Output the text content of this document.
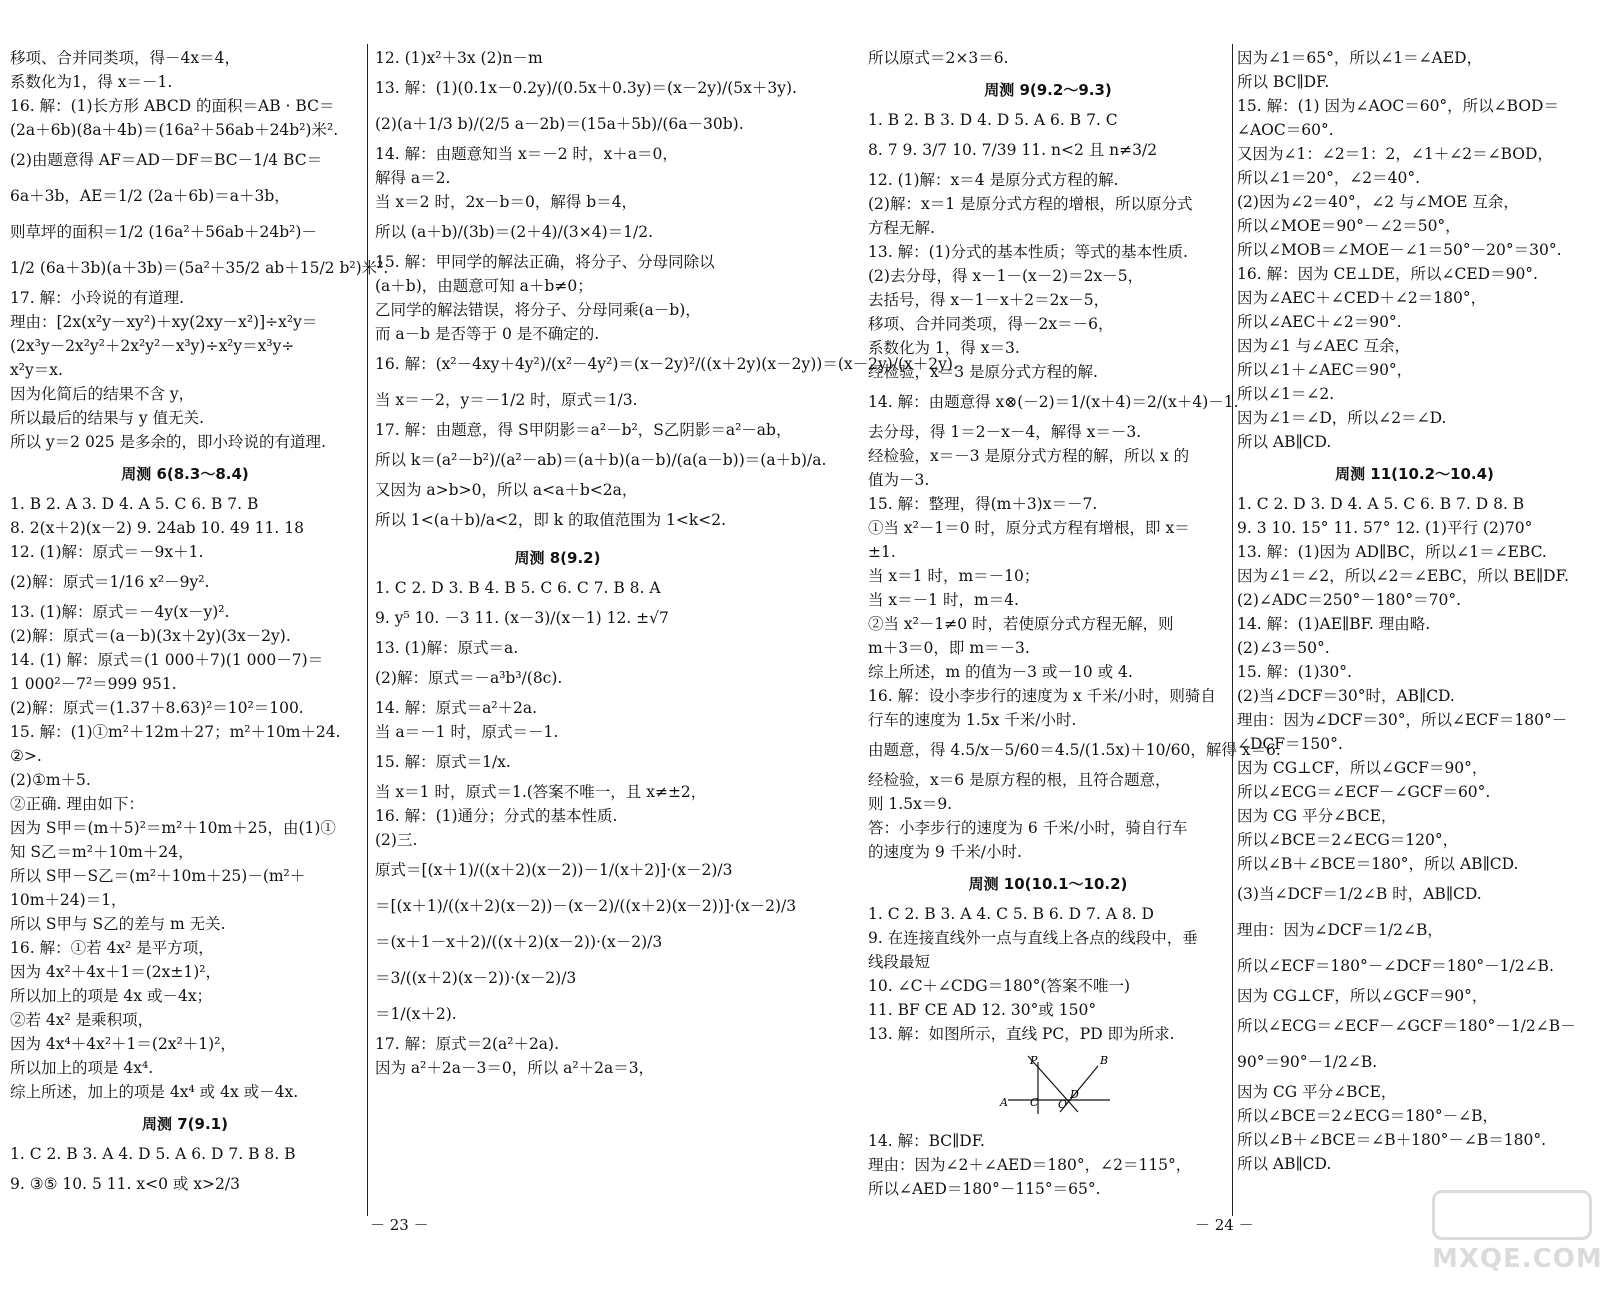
移项、合并同类项，得－4x＝4，
系数化为1，得 x＝－1.
16. 解：(1)长方形 ABCD 的面积＝AB · BC＝
(2a＋6b)(8a＋4b)＝(16a²＋56ab＋24b²)米².
(2)由题意得 AF＝AD－DF＝BC－1/4 BC＝
6a＋3b，AE＝1/2 (2a＋6b)＝a＋3b，
则草坪的面积＝1/2 (16a²＋56ab＋24b²)－
1/2 (6a＋3b)(a＋3b)＝(5a²＋35/2 ab＋15/2 b²)米².
17. 解：小玲说的有道理.
理由：[2x(x²y－xy²)＋xy(2xy－x²)]÷x²y＝
(2x³y－2x²y²＋2x²y²－x³y)÷x²y＝x³y÷
x²y＝x.
因为化简后的结果不含 y，
所以最后的结果与 y 值无关.
所以 y＝2 025 是多余的，即小玲说的有道理.
周测 6(8.3～8.4)
1. B 2. A 3. D 4. A 5. C 6. B 7. B
8. 2(x＋2)(x－2) 9. 24ab 10. 49 11. 18
12. (1)解：原式＝－9x＋1.
(2)解：原式＝1/16 x²－9y².
13. (1)解：原式＝－4y(x－y)².
(2)解：原式＝(a－b)(3x＋2y)(3x－2y).
14. (1) 解：原式＝(1 000＋7)(1 000－7)＝
1 000²－7²＝999 951.
(2)解：原式＝(1.37＋8.63)²＝10²＝100.
15. 解：(1)①m²＋12m＋27；m²＋10m＋24.
②>.
(2)①m＋5.
②正确. 理由如下：
因为 S甲＝(m＋5)²＝m²＋10m＋25，由(1)①
知 S乙＝m²＋10m＋24，
所以 S甲－S乙＝(m²＋10m＋25)－(m²＋
10m＋24)＝1，
所以 S甲与 S乙的差与 m 无关.
16. 解：①若 4x² 是平方项，
因为 4x²＋4x＋1＝(2x±1)²，
所以加上的项是 4x 或－4x；
②若 4x² 是乘积项，
因为 4x⁴＋4x²＋1＝(2x²＋1)²，
所以加上的项是 4x⁴.
综上所述，加上的项是 4x⁴ 或 4x 或－4x.
周测 7(9.1)
1. C 2. B 3. A 4. D 5. A 6. D 7. B 8. B
9. ③⑤ 10. 5 11. x<0 或 x>2/3
12. (1)x²＋3x (2)n－m
13. 解：(1)(0.1x－0.2y)/(0.5x＋0.3y)＝(x－2y)/(5x＋3y).
(2)(a＋1/3 b)/(2/5 a－2b)＝(15a＋5b)/(6a－30b).
14. 解：由题意知当 x＝－2 时，x＋a＝0，
解得 a＝2.
当 x＝2 时，2x－b＝0，解得 b＝4，
所以 (a＋b)/(3b)＝(2＋4)/(3×4)＝1/2.
15. 解：甲同学的解法正确，将分子、分母同除以
(a＋b)，由题意可知 a＋b≠0；
乙同学的解法错误，将分子、分母同乘(a－b)，
而 a－b 是否等于 0 是不确定的.
16. 解：(x²－4xy＋4y²)/(x²－4y²)＝(x－2y)²/((x＋2y)(x－2y))＝(x－2y)/(x＋2y).
当 x＝－2，y＝－1/2 时，原式＝1/3.
17. 解：由题意，得 S甲阴影＝a²－b²，S乙阴影＝a²－ab，
所以 k＝(a²－b²)/(a²－ab)＝(a＋b)(a－b)/(a(a－b))＝(a＋b)/a.
又因为 a>b>0，所以 a<a＋b<2a，
所以 1<(a＋b)/a<2，即 k 的取值范围为 1<k<2.
周测 8(9.2)
1. C 2. D 3. B 4. B 5. C 6. C 7. B 8. A
9. y⁵ 10. －3 11. (x－3)/(x－1) 12. ±√7
13. (1)解：原式＝a.
(2)解：原式＝－a³b³/(8c).
14. 解：原式＝a²＋2a.
当 a＝－1 时，原式＝－1.
15. 解：原式＝1/x.
当 x＝1 时，原式＝1.(答案不唯一，且 x≠±2，
16. 解：(1)通分；分式的基本性质.
(2)三.
原式＝[(x＋1)/((x＋2)(x－2))－1/(x＋2)]·(x－2)/3
＝[(x＋1)/((x＋2)(x－2))－(x－2)/((x＋2)(x－2))]·(x－2)/3
＝(x＋1－x＋2)/((x＋2)(x－2))·(x－2)/3
＝3/((x＋2)(x－2))·(x－2)/3
＝1/(x＋2).
17. 解：原式＝2(a²＋2a).
因为 a²＋2a－3＝0，所以 a²＋2a＝3，
所以原式＝2×3＝6.
周测 9(9.2～9.3)
1. B 2. B 3. D 4. D 5. A 6. B 7. C
8. 7 9. 3/7 10. 7/39 11. n<2 且 n≠3/2
12. (1)解：x＝4 是原分式方程的解.
(2)解：x＝1 是原分式方程的增根，所以原分式
方程无解.
13. 解：(1)分式的基本性质；等式的基本性质.
(2)去分母，得 x－1－(x－2)＝2x－5，
去括号，得 x－1－x＋2＝2x－5，
移项、合并同类项，得－2x＝－6，
系数化为 1，得 x＝3.
经检验，x＝3 是原分式方程的解.
14. 解：由题意得 x⊗(－2)＝1/(x＋4)＝2/(x＋4)－1.
去分母，得 1＝2－x－4，解得 x＝－3.
经检验，x＝－3 是原分式方程的解，所以 x 的
值为－3.
15. 解：整理，得(m＋3)x＝－7.
①当 x²－1＝0 时，原分式方程有增根，即 x＝
±1.
当 x＝1 时，m＝－10；
当 x＝－1 时，m＝4.
②当 x²－1≠0 时，若使原分式方程无解，则
m＋3＝0，即 m＝－3.
综上所述，m 的值为－3 或－10 或 4.
16. 解：设小李步行的速度为 x 千米/小时，则骑自
行车的速度为 1.5x 千米/小时.
由题意，得 4.5/x－5/60＝4.5/(1.5x)＋10/60，解得 x＝6.
经检验，x＝6 是原方程的根，且符合题意，
则 1.5x＝9.
答：小李步行的速度为 6 千米/小时，骑自行车
的速度为 9 千米/小时.
周测 10(10.1～10.2)
1. C 2. B 3. A 4. C 5. B 6. D 7. A 8. D
9. 在连接直线外一点与直线上各点的线段中，垂
线段最短
10. ∠C＋∠CDG＝180°(答案不唯一)
11. BF CE AD 12. 30°或 150°
13. 解：如图所示，直线 PC，PD 即为所求.
P	B
A C O
D
14. 解：BC∥DF.
理由：因为∠2＋∠AED＝180°，∠2＝115°，
所以∠AED＝180°－115°＝65°.
因为∠1＝65°，所以∠1＝∠AED，
所以 BC∥DF.
15. 解：(1) 因为∠AOC＝60°，所以∠BOD＝
∠AOC＝60°.
又因为∠1：∠2＝1：2，∠1＋∠2＝∠BOD，
所以∠1＝20°，∠2＝40°.
(2)因为∠2＝40°，∠2 与∠MOE 互余，
所以∠MOE＝90°－∠2＝50°，
所以∠MOB＝∠MOE－∠1＝50°－20°＝30°.
16. 解：因为 CE⊥DE，所以∠CED＝90°.
因为∠AEC＋∠CED＋∠2＝180°，
所以∠AEC＋∠2＝90°.
因为∠1 与∠AEC 互余，
所以∠1＋∠AEC＝90°，
所以∠1＝∠2.
因为∠1＝∠D，所以∠2＝∠D.
所以 AB∥CD.
周测 11(10.2～10.4)
1. C 2. D 3. D 4. A 5. C 6. B 7. D 8. B
9. 3 10. 15° 11. 57° 12. (1)平行 (2)70°
13. 解：(1)因为 AD∥BC，所以∠1＝∠EBC.
因为∠1＝∠2，所以∠2＝∠EBC，所以 BE∥DF.
(2)∠ADC＝250°－180°＝70°.
14. 解：(1)AE∥BF. 理由略.
(2)∠3＝50°.
15. 解：(1)30°.
(2)当∠DCF＝30°时，AB∥CD.
理由：因为∠DCF＝30°，所以∠ECF＝180°－
∠DCF＝150°.
因为 CG⊥CF，所以∠GCF＝90°，
所以∠ECG＝∠ECF－∠GCF＝60°.
因为 CG 平分∠BCE，
所以∠BCE＝2∠ECG＝120°，
所以∠B＋∠BCE＝180°，所以 AB∥CD.
(3)当∠DCF＝1/2∠B 时，AB∥CD.
理由：因为∠DCF＝1/2∠B，
所以∠ECF＝180°－∠DCF＝180°－1/2∠B.
因为 CG⊥CF，所以∠GCF＝90°，
所以∠ECG＝∠ECF－∠GCF＝180°－1/2∠B－
90°＝90°－1/2∠B.
因为 CG 平分∠BCE，
所以∠BCE＝2∠ECG＝180°－∠B，
所以∠B＋∠BCE＝∠B＋180°－∠B＝180°.
所以 AB∥CD.
－ 23 －	－ 24 －
MXQE.COM
